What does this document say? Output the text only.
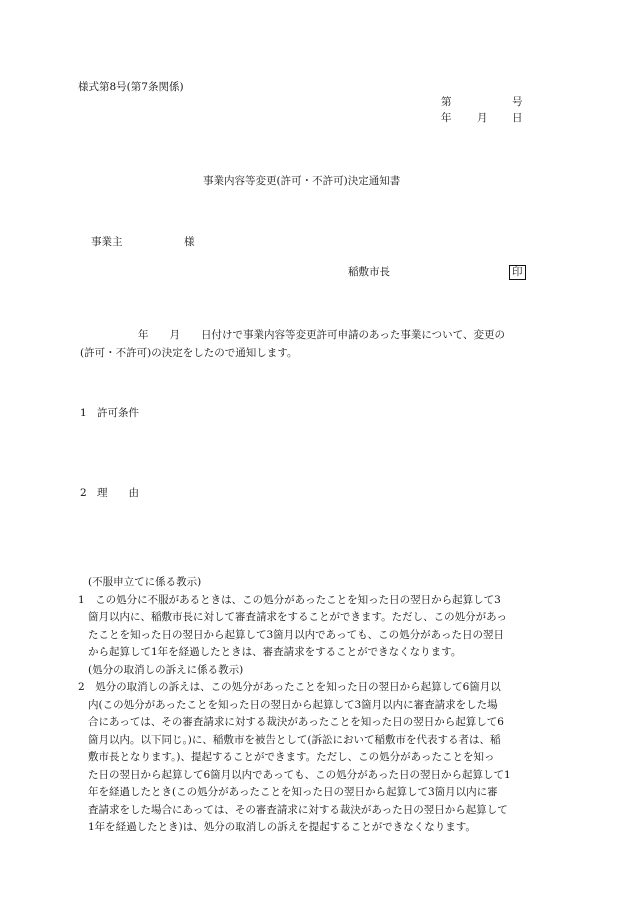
様式第8号(第7条関係)
第	号
年 月 日
事業内容等変更(許可・不許可)決定通知書
事業主	様
稲敷市長	印
年　　月　　日付けで事業内容等変更許可申請のあった事業について、変更の
(許可・不許可)の決定をしたので通知します。
1 許可条件
2 理　　由
(不服申立てに係る教示)
1　 この処分に不服があるときは、この処分があったことを知った日の翌日から起算して3
箇月以内に、稲敷市長に対して審査請求をすることができます。ただし、この処分があっ
たことを知った日の翌日から起算して3箇月以内であっても、この処分があった日の翌日
から起算して1年を経過したときは、審査請求をすることができなくなります。
(処分の取消しの訴えに係る教示)
2　 処分の取消しの訴えは、この処分があったことを知った日の翌日から起算して6箇月以
内(この処分があったことを知った日の翌日から起算して3箇月以内に審査請求をした場
合にあっては、その審査請求に対する裁決があったことを知った日の翌日から起算して6
箇月以内。以下同じ。)に、稲敷市を被告として(訴訟において稲敷市を代表する者は、稲
敷市長となります。)、提起することができます。ただし、この処分があったことを知っ
た日の翌日から起算して6箇月以内であっても、この処分があった日の翌日から起算して1
年を経過したとき(この処分があったことを知った日の翌日から起算して3箇月以内に審
査請求をした場合にあっては、その審査請求に対する裁決があった日の翌日から起算して
1年を経過したとき)は、処分の取消しの訴えを提起することができなくなります。
